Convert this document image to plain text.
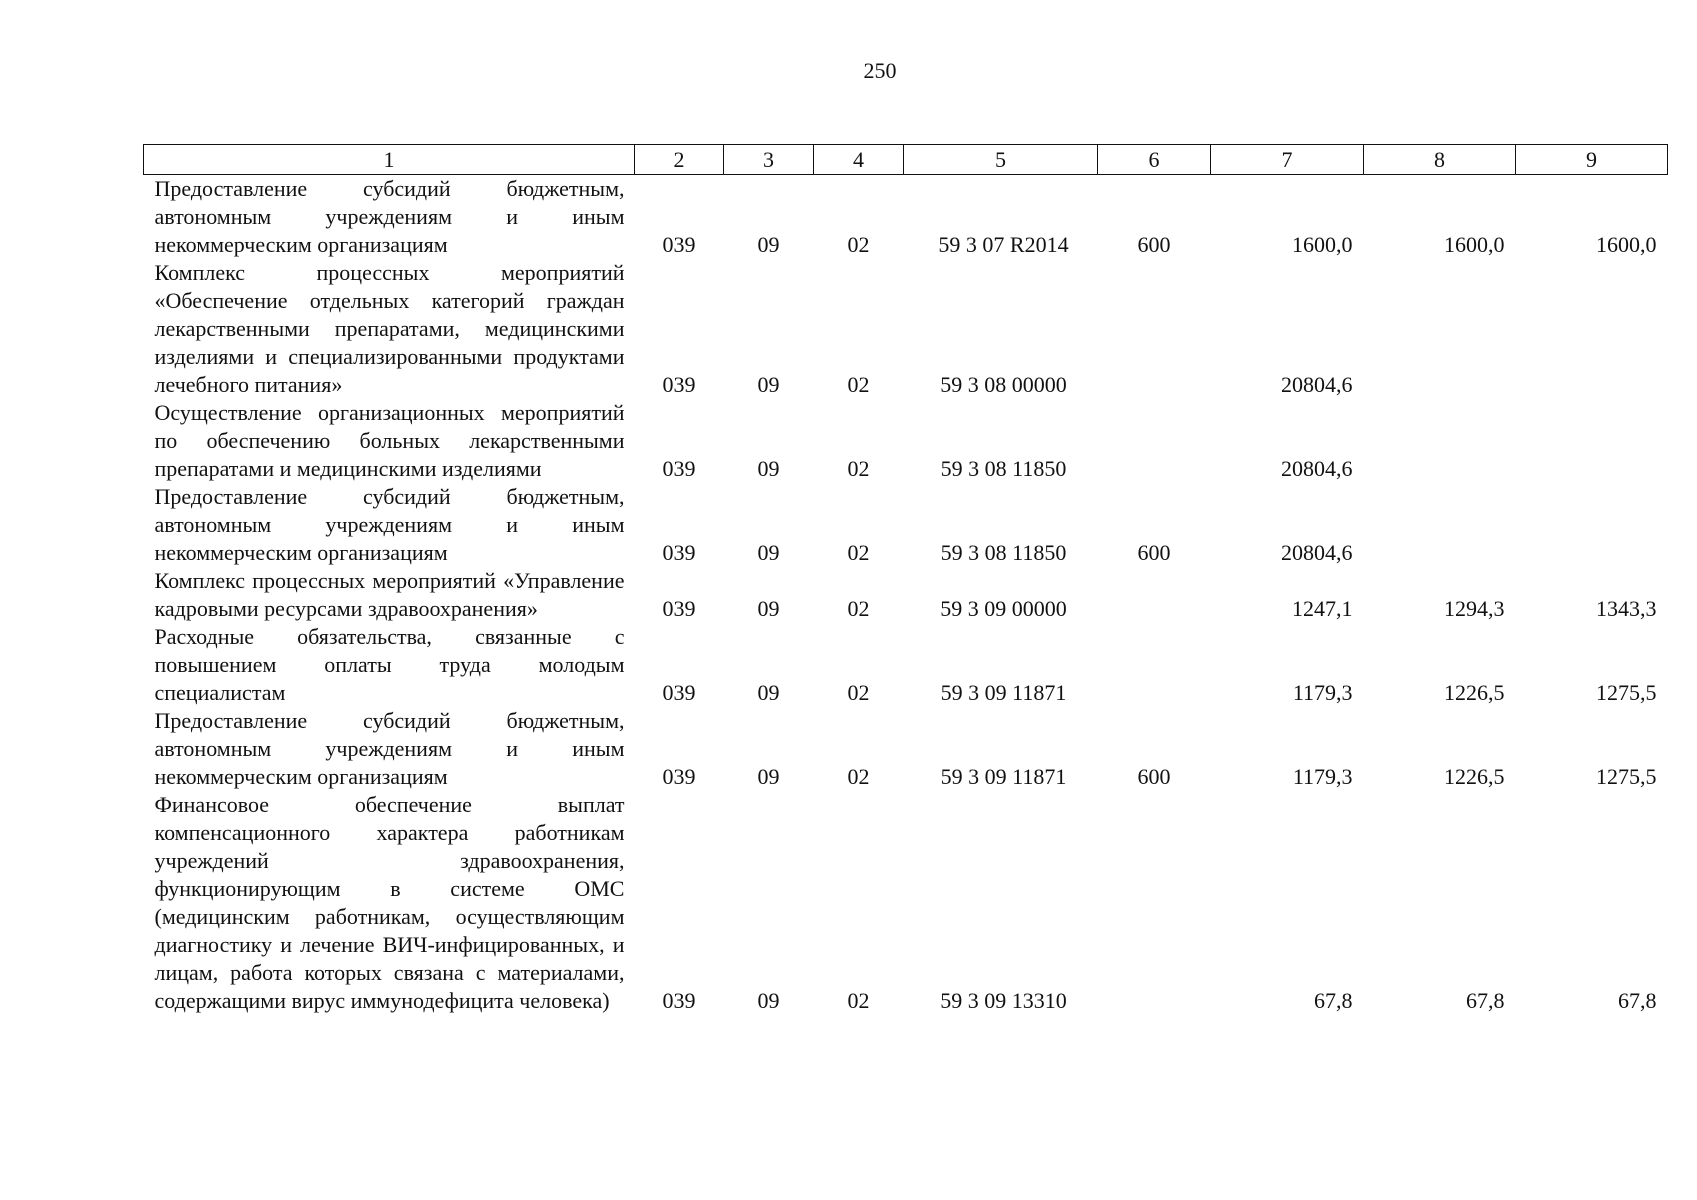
250
1	2	3	4	5	6	7	8	9
Предоставление субсидий бюджетным, автономным учреждениям и иным некоммерческим организациям	039	09	02	59 3 07 R2014	600	1600,0	1600,0	1600,0
Комплекс процессных мероприятий «Обеспечение отдельных категорий граждан лекарственными препаратами, медицинскими изделиями и специализированными продуктами лечебного питания»	039	09	02	59 3 08 00000		20804,6		
Осуществление организационных мероприятий по обеспечению больных лекарственными препаратами и медицинскими изделиями	039	09	02	59 3 08 11850		20804,6		
Предоставление субсидий бюджетным, автономным учреждениям и иным некоммерческим организациям	039	09	02	59 3 08 11850	600	20804,6		
Комплекс процессных мероприятий «Управление кадровыми ресурсами здравоохранения»	039	09	02	59 3 09 00000		1247,1	1294,3	1343,3
Расходные обязательства, связанные с повышением оплаты труда молодым специалистам	039	09	02	59 3 09 11871		1179,3	1226,5	1275,5
Предоставление субсидий бюджетным, автономным учреждениям и иным некоммерческим организациям	039	09	02	59 3 09 11871	600	1179,3	1226,5	1275,5
Финансовое обеспечение выплат компенсационного характера работникам учреждений здравоохранения, функционирующим в системе ОМС (медицинским работникам, осуществляющим диагностику и лечение ВИЧ-инфицированных, и лицам, работа которых связана с материалами, содержащими вирус иммунодефицита человека)	039	09	02	59 3 09 13310		67,8	67,8	67,8
